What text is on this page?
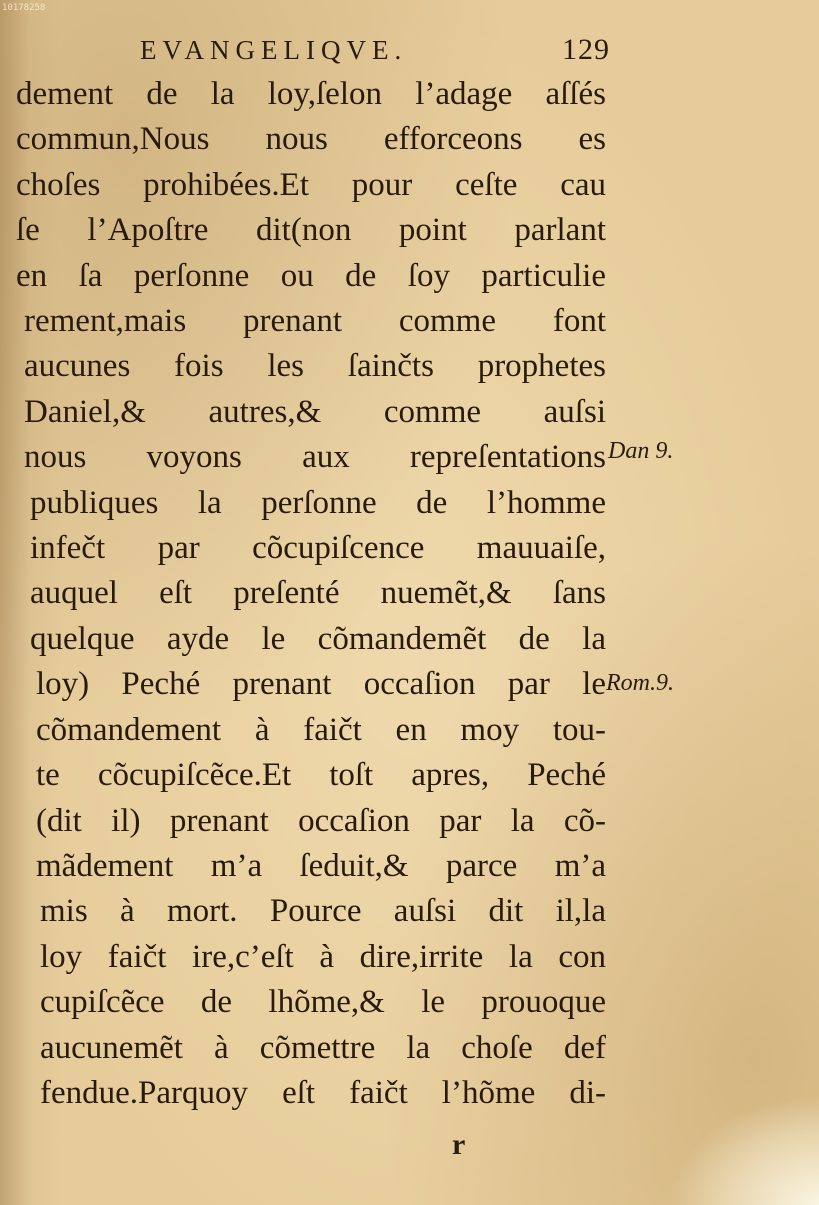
10178258

EVANGELIQVE.	129

dement de la loy,ſelon l’adage aſſés

commun,Nous nous efforceons es

choſes prohibées.Et pour ceſte cau

ſe l’Apoſtre dit(non point parlant

en ſa perſonne ou de ſoy particulie

rement,mais prenant comme font

aucunes fois les ſainčts prophetes

Daniel,& autres,& comme auſsi

nous voyons aux repreſentations

publiques la perſonne de l’homme

infečt par cõcupiſcence mauuaiſe,

auquel eſt preſenté nuemẽt,& ſans

quelque ayde le cõmandemẽt de la

loy) Peché prenant occaſion par le

cõmandement à faičt en moy tou-

te cõcupiſcẽce.Et toſt apres, Peché

(dit il) prenant occaſion par la cõ-

mãdement m’a ſeduit,& parce m’a

mis à mort. Pource auſsi dit il,la

loy faičt ire,c’eſt à dire,irrite la con

cupiſcẽce de lhõme,& le prouoque

aucunemẽt à cõmettre la choſe def

fendue.Parquoy eſt faičt l’hõme di-

Dan 9.

Rom.9.

r
